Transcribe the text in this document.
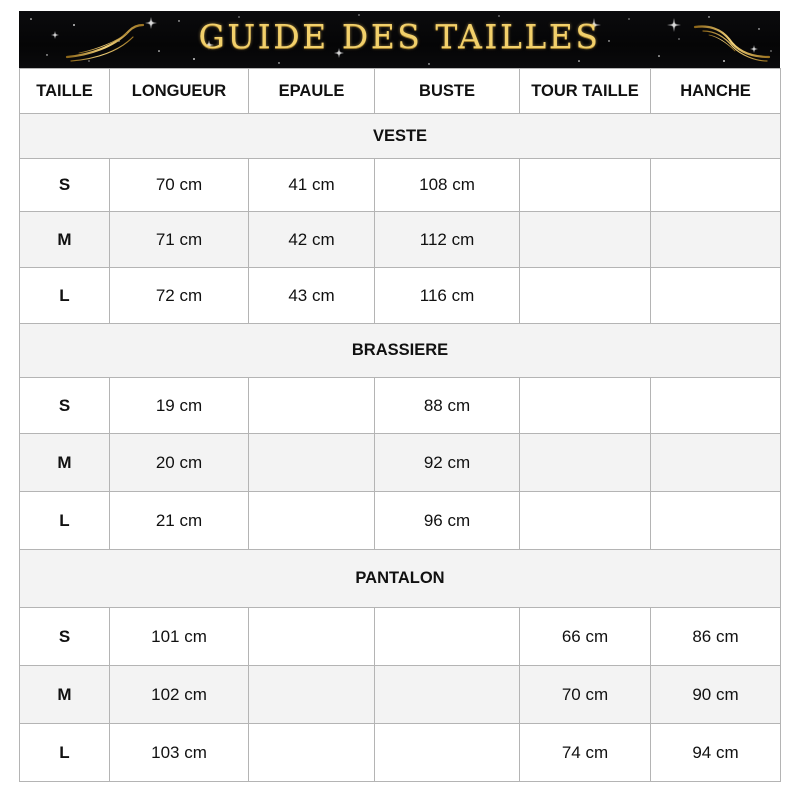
GUIDE DES TAILLES
TAILLE	LONGUEUR	EPAULE	BUSTE	TOUR TAILLE	HANCHE
VESTE					
S	70 cm	41 cm	108 cm		
M	71 cm	42 cm	112 cm		
L	72 cm	43 cm	116 cm		
BRASSIERE					
S	19 cm		88 cm		
M	20 cm		92 cm		
L	21 cm		96 cm		
PANTALON					
S	101 cm			66 cm	86 cm
M	102 cm			70 cm	90 cm
L	103 cm			74 cm	94 cm
